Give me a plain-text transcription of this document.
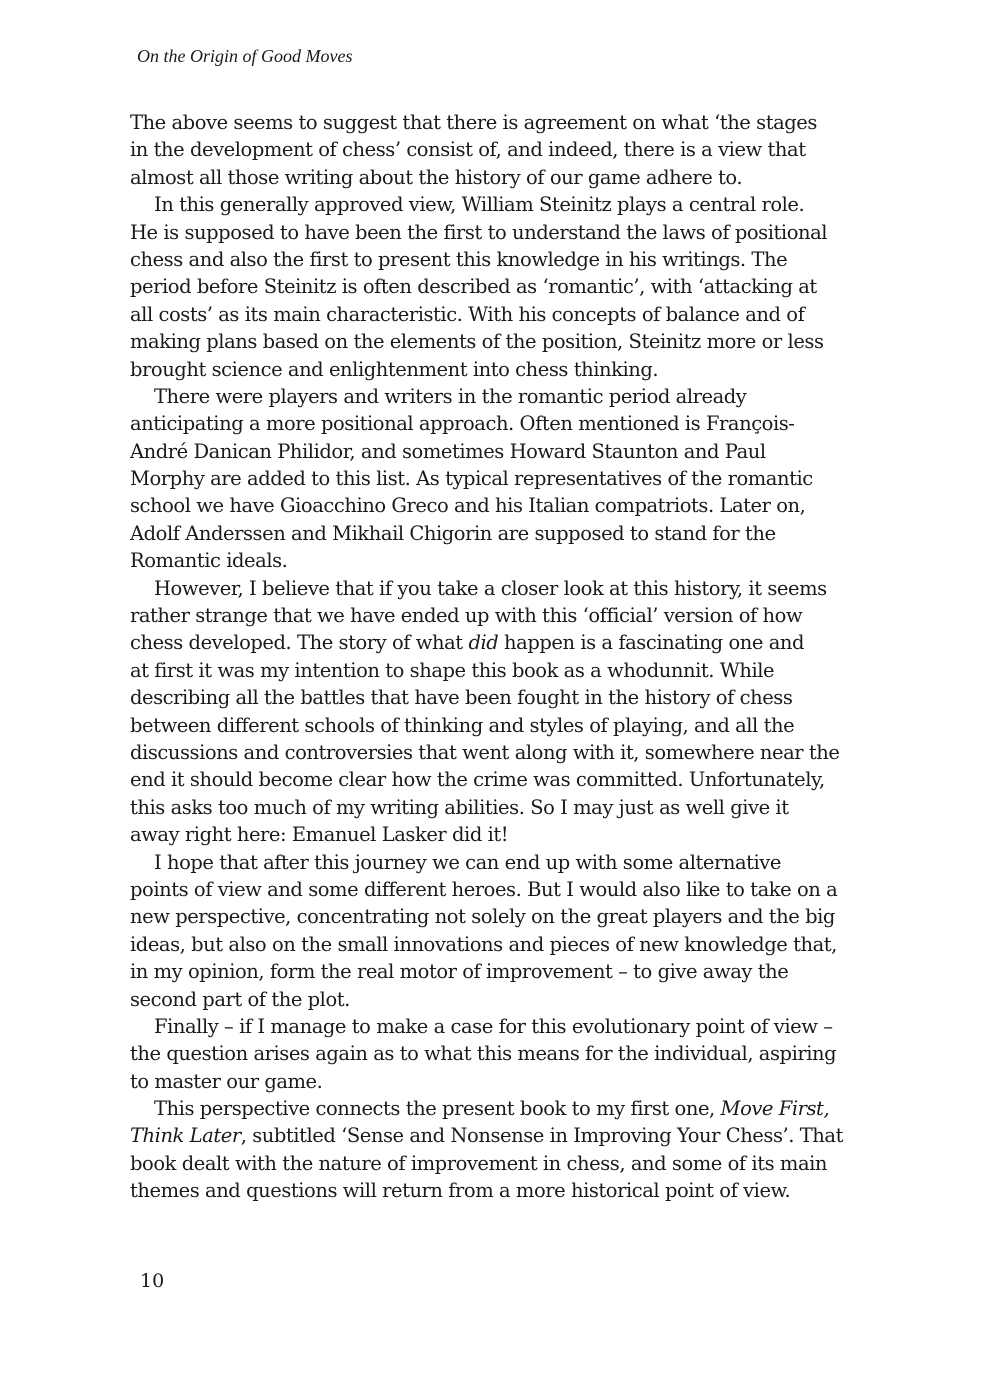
On the Origin of Good Moves
The above seems to suggest that there is agreement on what ‘the stages
in the development of chess’ consist of, and indeed, there is a view that
almost all those writing about the history of our game adhere to.
In this generally approved view, William Steinitz plays a central role.
He is supposed to have been the first to understand the laws of positional
chess and also the first to present this knowledge in his writings. The
period before Steinitz is often described as ‘romantic’, with ‘attacking at
all costs’ as its main characteristic. With his concepts of balance and of
making plans based on the elements of the position, Steinitz more or less
brought science and enlightenment into chess thinking.
There were players and writers in the romantic period already
anticipating a more positional approach. Often mentioned is François-
André Danican Philidor, and sometimes Howard Staunton and Paul
Morphy are added to this list. As typical representatives of the romantic
school we have Gioacchino Greco and his Italian compatriots. Later on,
Adolf Anderssen and Mikhail Chigorin are supposed to stand for the
Romantic ideals.
However, I believe that if you take a closer look at this history, it seems
rather strange that we have ended up with this ‘official’ version of how
chess developed. The story of what did happen is a fascinating one and
at first it was my intention to shape this book as a whodunnit. While
describing all the battles that have been fought in the history of chess
between different schools of thinking and styles of playing, and all the
discussions and controversies that went along with it, somewhere near the
end it should become clear how the crime was committed. Unfortunately,
this asks too much of my writing abilities. So I may just as well give it
away right here: Emanuel Lasker did it!
I hope that after this journey we can end up with some alternative
points of view and some different heroes. But I would also like to take on a
new perspective, concentrating not solely on the great players and the big
ideas, but also on the small innovations and pieces of new knowledge that,
in my opinion, form the real motor of improvement – to give away the
second part of the plot.
Finally – if I manage to make a case for this evolutionary point of view –
the question arises again as to what this means for the individual, aspiring
to master our game.
This perspective connects the present book to my first one, Move First,
Think Later, subtitled ‘Sense and Nonsense in Improving Your Chess’. That
book dealt with the nature of improvement in chess, and some of its main
themes and questions will return from a more historical point of view.
10
